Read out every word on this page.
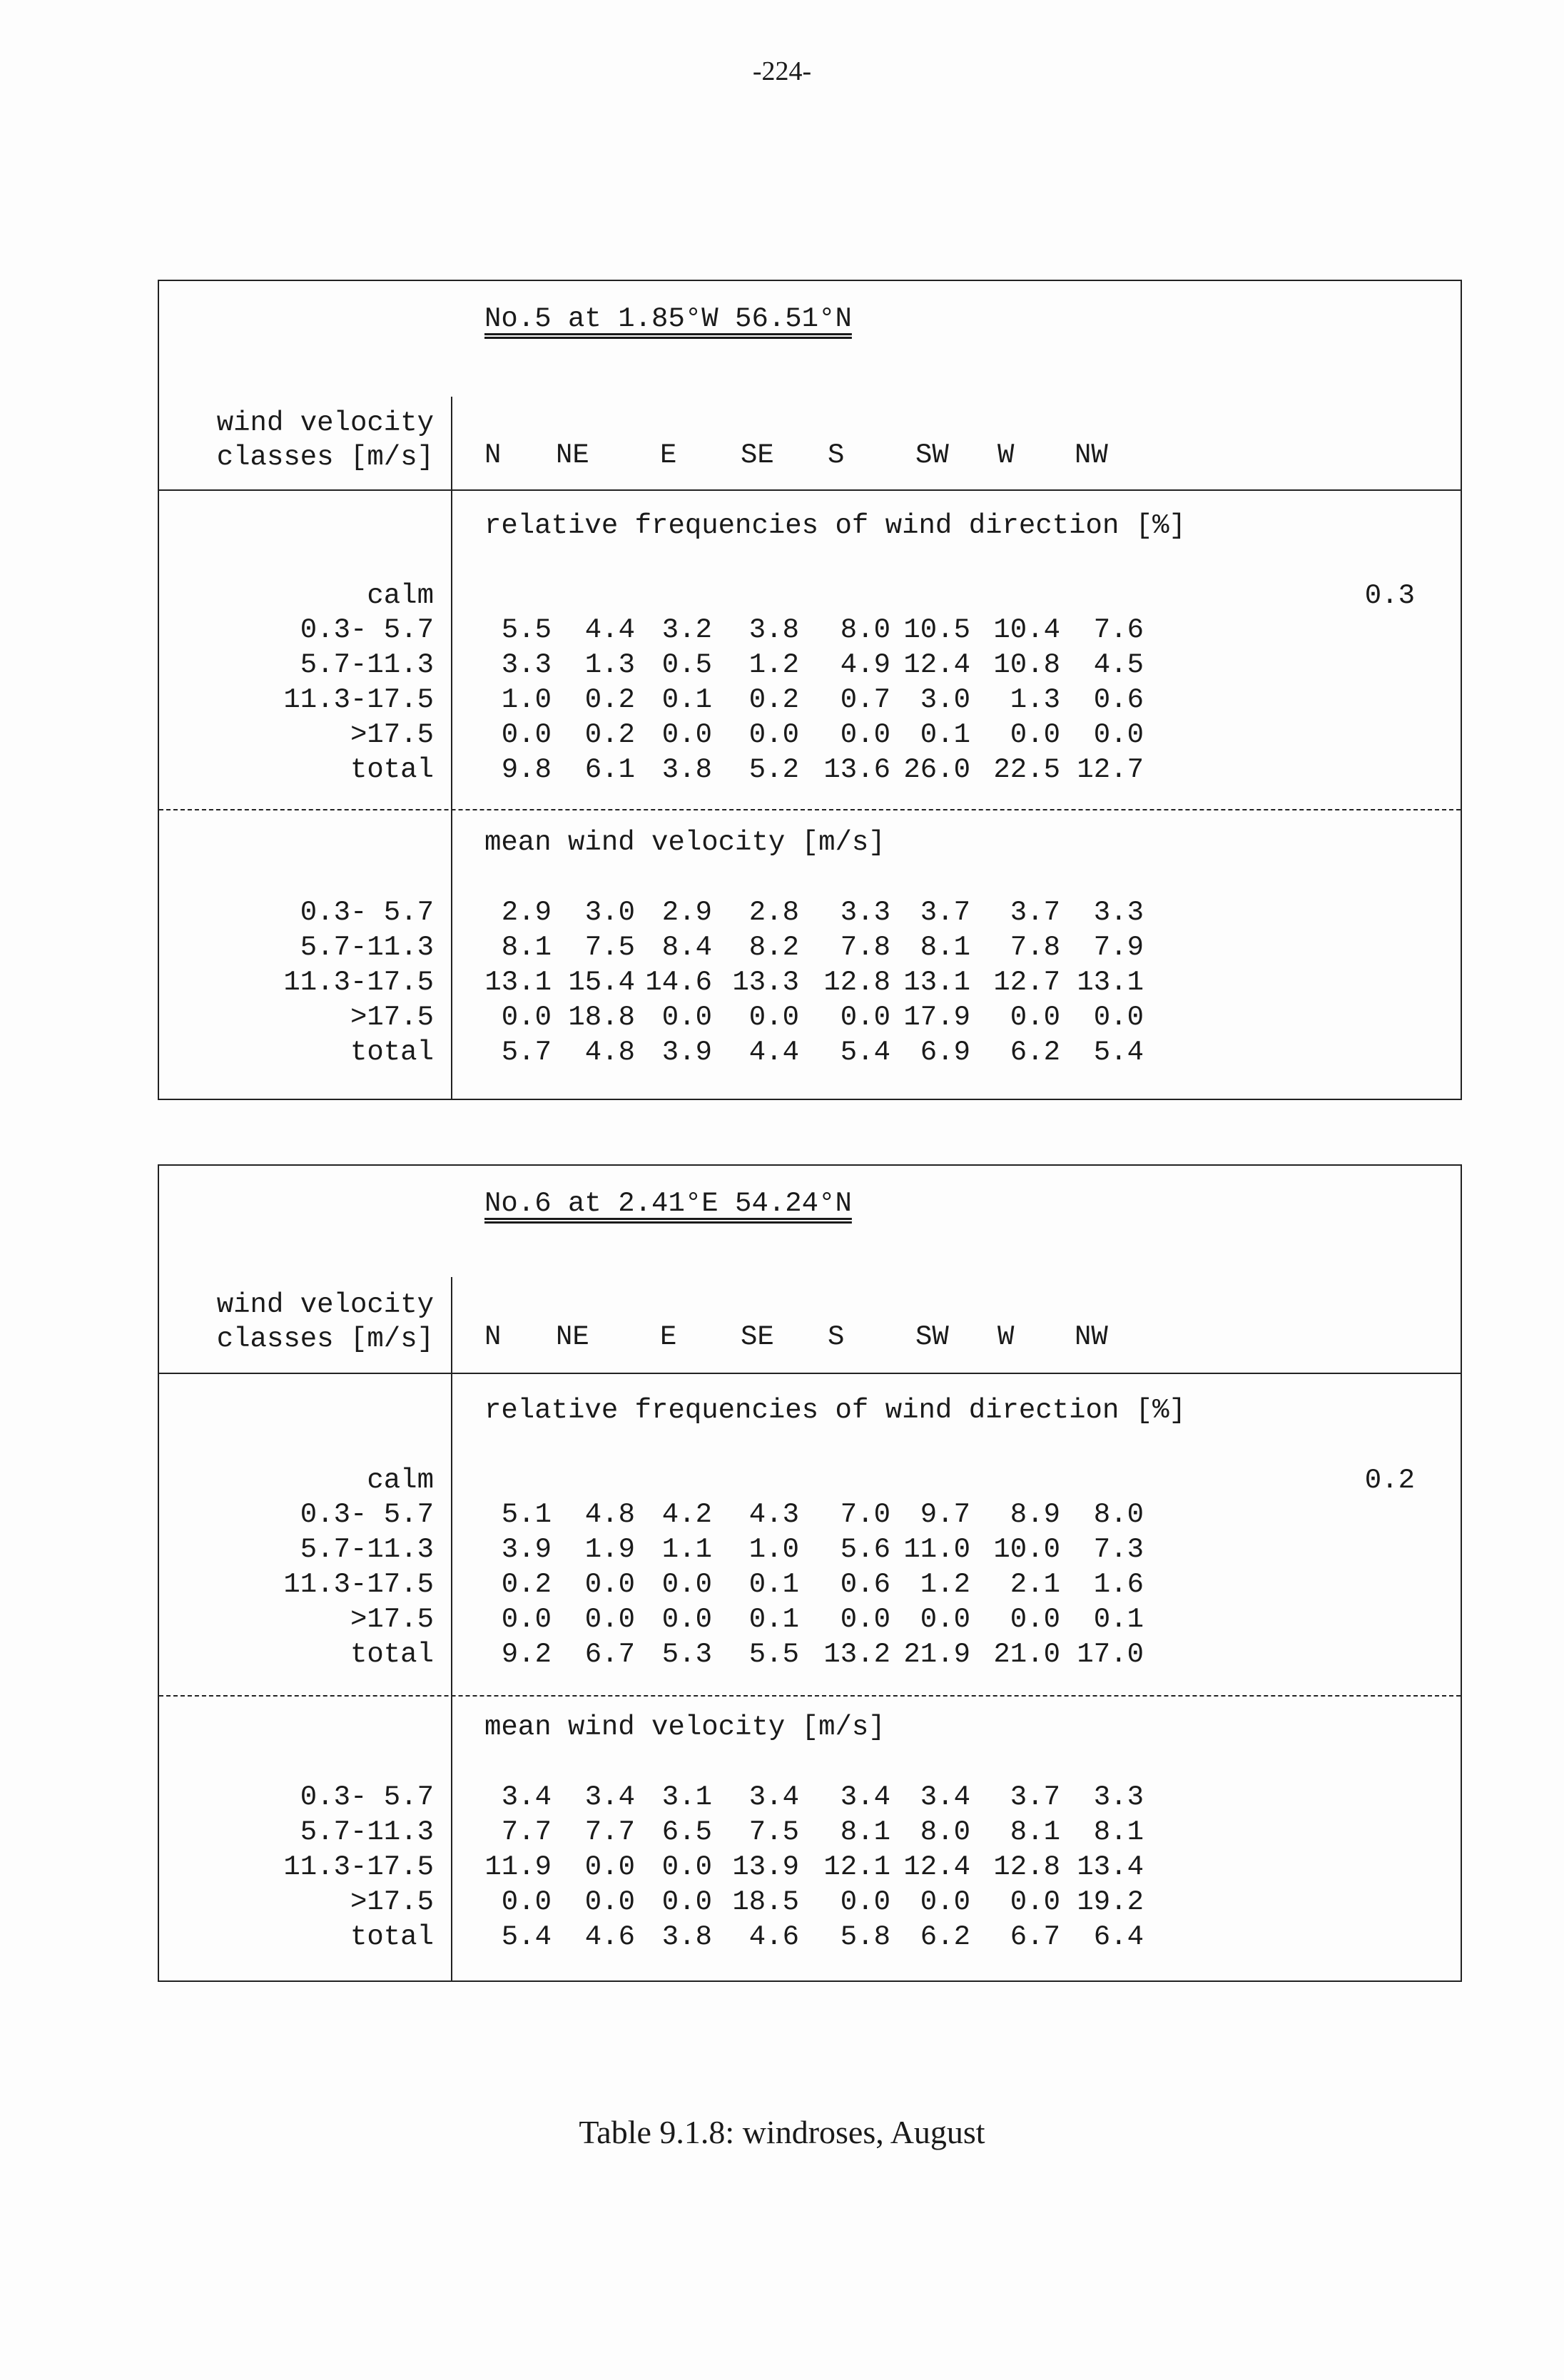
-224-
No.5 at 1.85°W 56.51°N
wind velocity
classes [m/s] N NE	E SE S	SW W NW
relative frequencies of wind direction [%]
calm	0.3
0.3- 5.7	5.5	4.4 3.2	3.8	8.0 10.5 10.4	7.6
5.7-11.3	3.3	1.3 0.5	1.2	4.9 12.4 10.8	4.5
11.3-17.5	1.0	0.2 0.1	0.2	0.7	3.0	1.3	0.6
>17.5	0.0	0.2 0.0	0.0	0.0	0.1	0.0	0.0
total	9.8	6.1 3.8	5.2 13.6 26.0 22.5 12.7
mean wind velocity [m/s]
0.3- 5.7	2.9	3.0 2.9	2.8	3.3	3.7	3.7	3.3
5.7-11.3	8.1	7.5 8.4	8.2	7.8	8.1	7.8	7.9
11.3-17.5	13.1 15.4 14.6 13.3 12.8 13.1 12.7 13.1
>17.5	0.0 18.8 0.0	0.0	0.0 17.9	0.0	0.0
total	5.7	4.8 3.9	4.4	5.4	6.9	6.2	5.4
No.6 at 2.41°E 54.24°N
wind velocity
classes [m/s] N NE	E SE S	SW W NW
relative frequencies of wind direction [%]
calm	0.2
0.3- 5.7	5.1	4.8 4.2	4.3	7.0	9.7	8.9	8.0
5.7-11.3	3.9	1.9 1.1	1.0	5.6 11.0 10.0	7.3
11.3-17.5	0.2	0.0 0.0	0.1	0.6	1.2	2.1	1.6
>17.5	0.0	0.0 0.0	0.1	0.0	0.0	0.0	0.1
total	9.2	6.7 5.3	5.5 13.2 21.9 21.0 17.0
mean wind velocity [m/s]
0.3- 5.7	3.4	3.4 3.1	3.4	3.4	3.4	3.7	3.3
5.7-11.3	7.7	7.7 6.5	7.5	8.1	8.0	8.1	8.1
11.3-17.5	11.9	0.0 0.0 13.9 12.1 12.4 12.8 13.4
>17.5	0.0	0.0 0.0 18.5	0.0	0.0	0.0 19.2
total	5.4	4.6 3.8	4.6	5.8	6.2	6.7	6.4
Table 9.1.8: windroses, August
